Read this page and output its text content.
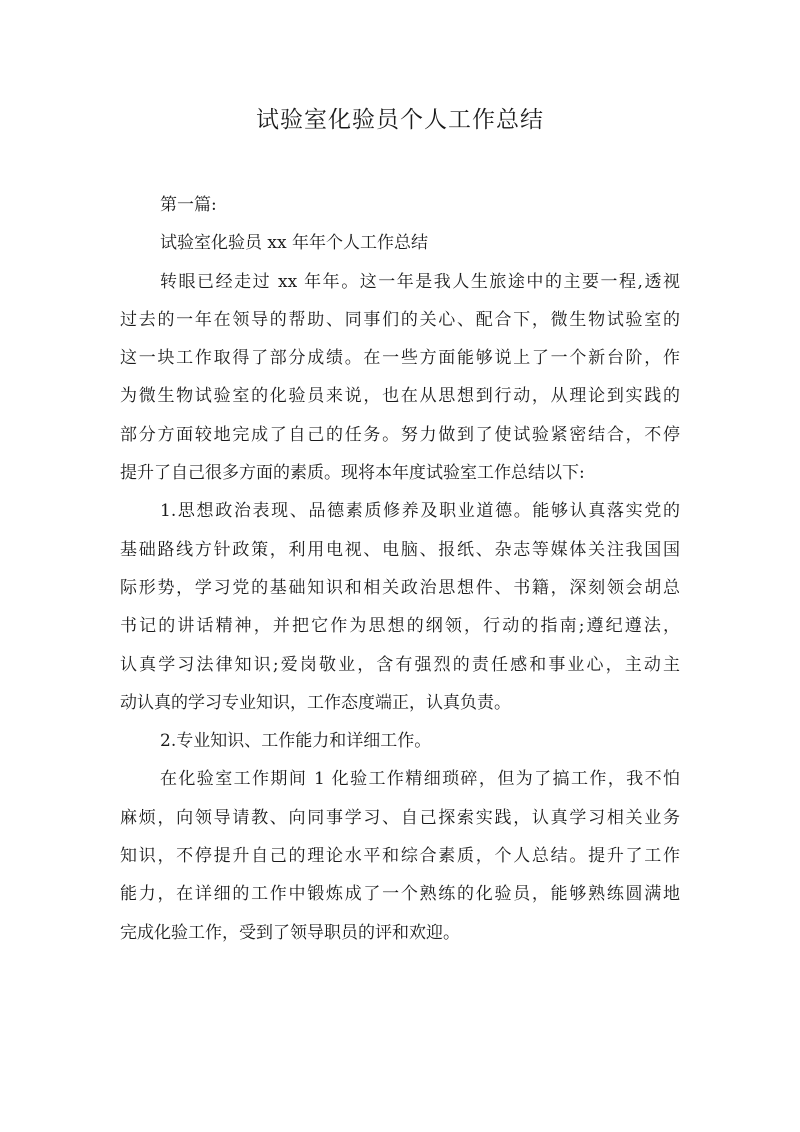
试验室化验员个人工作总结
第一篇:
试验室化验员 xx 年年个人工作总结
转眼已经走过 xx 年年。这一年是我人生旅途中的主要一程,透视
过去的一年在领导的帮助、同事们的关心、配合下，微生物试验室的
这一块工作取得了部分成绩。在一些方面能够说上了一个新台阶，作
为微生物试验室的化验员来说，也在从思想到行动，从理论到实践的
部分方面较地完成了自己的任务。努力做到了使试验紧密结合，不停
提升了自己很多方面的素质。现将本年度试验室工作总结以下:
1.思想政治表现、品德素质修养及职业道德。能够认真落实党的
基础路线方针政策，利用电视、电脑、报纸、杂志等媒体关注我国国
际形势，学习党的基础知识和相关政治思想件、书籍，深刻领会胡总
书记的讲话精神，并把它作为思想的纲领，行动的指南;遵纪遵法，
认真学习法律知识;爱岗敬业，含有强烈的责任感和事业心，主动主
动认真的学习专业知识，工作态度端正，认真负责。
2.专业知识、工作能力和详细工作。
在化验室工作期间 1 化验工作精细琐碎，但为了搞工作，我不怕
麻烦，向领导请教、向同事学习、自己探索实践，认真学习相关业务
知识，不停提升自己的理论水平和综合素质，个人总结。提升了工作
能力，在详细的工作中锻炼成了一个熟练的化验员，能够熟练圆满地
完成化验工作，受到了领导职员的评和欢迎。
